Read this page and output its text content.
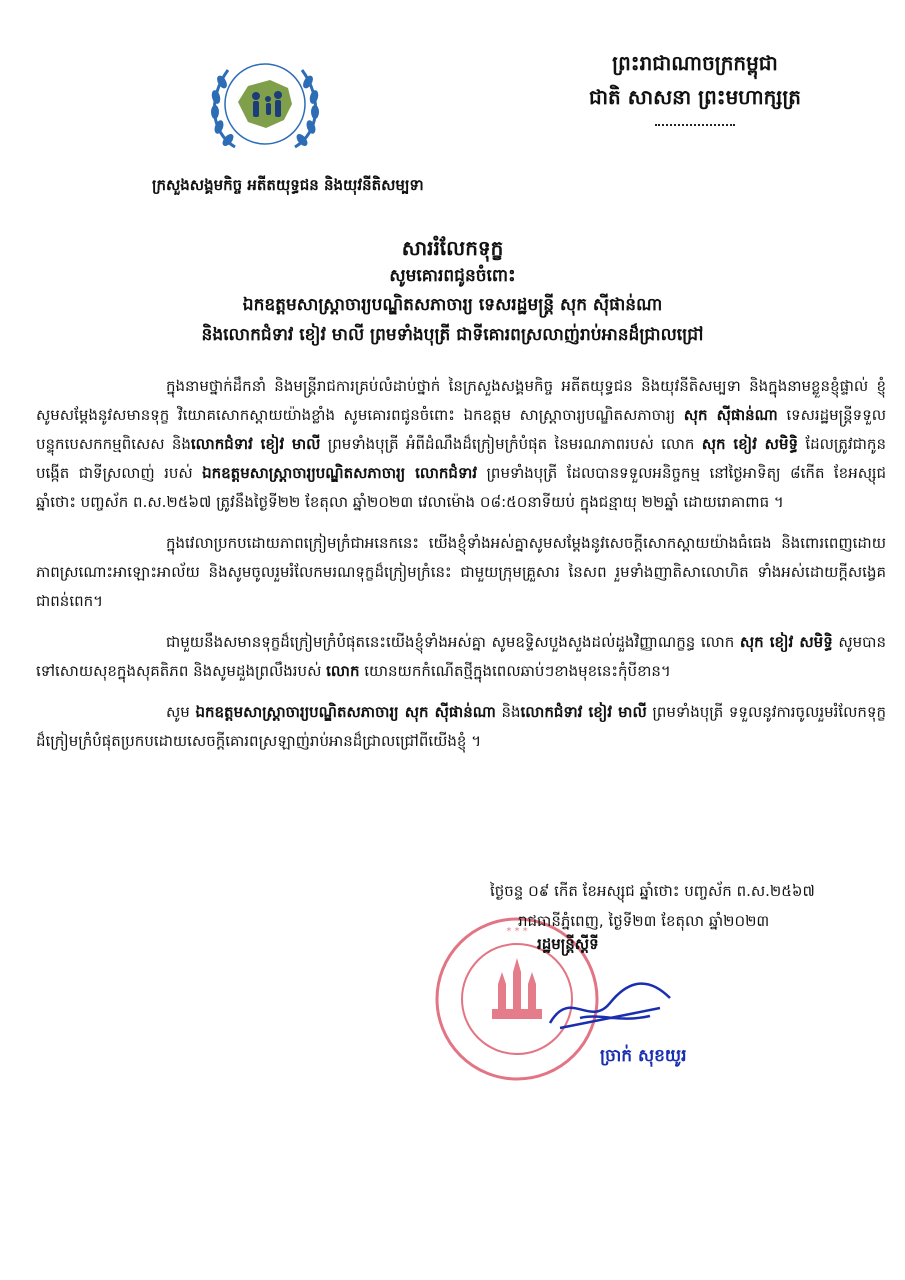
ក្រសួងសង្គមកិច្ច អតីតយុទ្ធជន និងយុវនីតិសម្បទា
ព្រះរាជាណាចក្រកម្ពុជា
ជាតិ សាសនា ព្រះមហាក្សត្រ
សាររំលែកទុក្ខ
សូមគោរពជូនចំពោះ
ឯកឧត្តមសាស្ត្រាចារ្យបណ្ឌិតសភាចារ្យ ទេសរដ្ឋមន្ត្រី សុក ស៊ីផាន់ណា
និងលោកជំទាវ ខៀវ មាលី ព្រមទាំងបុត្រី ជាទីគោរពស្រលាញ់រាប់អានដ៏ជ្រាលជ្រៅ

ក្នុងនាមថ្នាក់ដឹកនាំ និងមន្ត្រីរាជការគ្រប់លំដាប់ថ្នាក់ នៃក្រសួងសង្គមកិច្ច អតីតយុទ្ធជន និងយុវនីតិសម្បទា និងក្នុងនាមខ្លួនខ្ញុំផ្ទាល់ ខ្ញុំសូមសម្តែងនូវសមានទុក្ខ វិយោគសោកស្តាយយ៉ាងខ្លាំង សូមគោរពជូនចំពោះ ឯកឧត្តម សាស្ត្រាចារ្យបណ្ឌិតសភាចារ្យ សុក ស៊ីផាន់ណា ទេសរដ្ឋមន្ត្រីទទួលបន្ទុកបេសកកម្មពិសេស និងលោកជំទាវ ខៀវ មាលី ព្រមទាំងបុត្រី អំពីដំណឹងដ៏ក្រៀមក្រំបំផុត នៃមរណភាពរបស់ លោក សុក ខៀវ សមិទ្ធិ ដែលត្រូវជាកូនបង្កើត ជាទីស្រលាញ់ របស់ ឯកឧត្តមសាស្ត្រាចារ្យបណ្ឌិតសភាចារ្យ លោកជំទាវ ព្រមទាំងបុត្រី ដែលបានទទួលអនិច្ចកម្ម នៅថ្ងៃអាទិត្យ ៨កើត ខែអស្សុជ ឆ្នាំថោះ បញ្ចស័ក ព.ស.២៥៦៧ ត្រូវនឹងថ្ងៃទី២២ ខែតុលា ឆ្នាំ២០២៣ វេលាម៉ោង ០៨:៥០នាទីយប់ ក្នុងជន្មាយុ ២២ឆ្នាំ ដោយរោគាពាធ ។

ក្នុងវេលាប្រកបដោយភាពក្រៀមក្រំជាអនេកនេះ យើងខ្ញុំទាំងអស់គ្នាសូមសម្តែងនូវសេចក្តីសោកស្តាយយ៉ាងធំធេង និងពោរពេញដោយភាពស្រណោះអាឡោះអាល័យ និងសូមចូលរួមរំលែកមរណទុក្ខដ៏ក្រៀមក្រំនេះ ជាមួយក្រុមគ្រួសារ នៃសព រួមទាំងញាតិសាលោហិត ទាំងអស់ដោយក្តីសង្វេគជាពន់ពេក។

ជាមួយនឹងសមានទុក្ខដ៏ក្រៀមក្រំបំផុតនេះយើងខ្ញុំទាំងអស់គ្នា សូមឧទ្ទិសបួងសួងដល់ដួងវិញ្ញាណក្ខន្ធ លោក សុក ខៀវ សមិទ្ធិ សូមបានទៅសោយសុខក្នុងសុគតិភព និងសូមដួងព្រលឹងរបស់ លោក យោនយកកំណើតថ្មីក្នុងពេលឆាប់ៗខាងមុខនេះកុំបីខាន។

សូម ឯកឧត្តមសាស្ត្រាចារ្យបណ្ឌិតសភាចារ្យ សុក ស៊ីផាន់ណា និងលោកជំទាវ ខៀវ មាលី ព្រមទាំងបុត្រី ទទួលនូវការចូលរួមរំលែកទុក្ខដ៏ក្រៀមក្រំបំផុតប្រកបដោយសេចក្តីគោរពស្រឡាញ់រាប់អានដ៏ជ្រាលជ្រៅពីយើងខ្ញុំ ។

* * *
ថ្ងៃចន្ទ ០៩ កើត ខែអស្សុជ ឆ្នាំថោះ បញ្ចស័ក ព.ស.២៥៦៧
រាជធានីភ្នំពេញ, ថ្ងៃទី២៣ ខែតុលា ឆ្នាំ២០២៣
រដ្ឋមន្ត្រីស្តីទី
ច្រាក់ សុខយូរ
